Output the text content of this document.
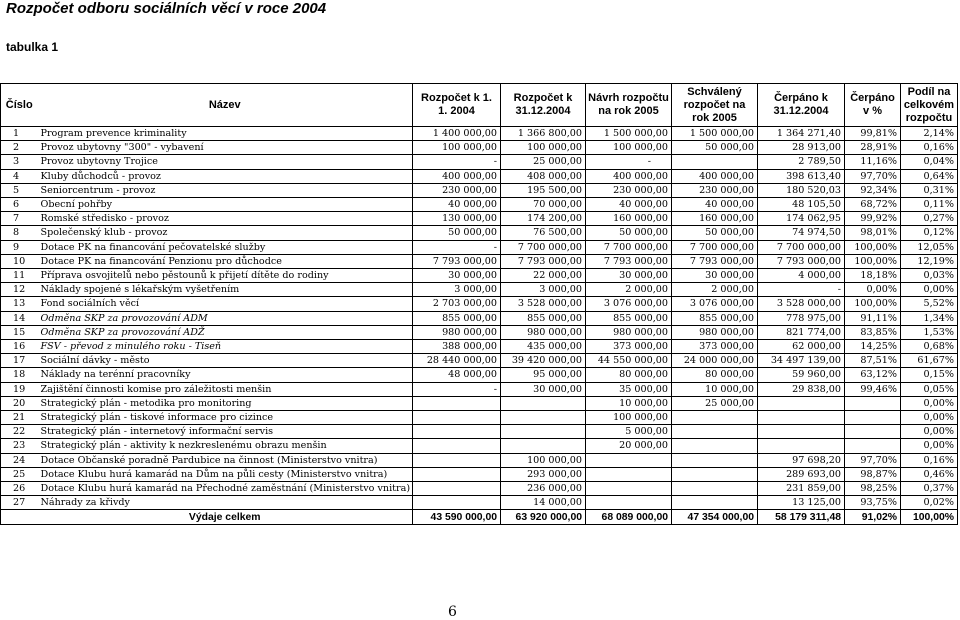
Rozpočet odboru sociálních věcí v roce 2004
tabulka 1
Číslo	Název	Rozpočet k 1. 1. 2004	Rozpočet k 31.12.2004	Návrh rozpočtu na rok 2005	Schválený rozpočet na rok 2005	Čerpáno k 31.12.2004	Čerpáno v %	Podíl na celkovém rozpočtu
1	Program prevence kriminality	1 400 000,00	1 366 800,00	1 500 000,00	1 500 000,00	1 364 271,40	99,81%	2,14%
2	Provoz ubytovny "300" - vybavení	100 000,00	100 000,00	100 000,00	50 000,00	28 913,00	28,91%	0,16%
3	Provoz ubytovny Trojice	-	25 000,00	-		2 789,50	11,16%	0,04%
4	Kluby důchodců - provoz	400 000,00	408 000,00	400 000,00	400 000,00	398 613,40	97,70%	0,64%
5	Seniorcentrum - provoz	230 000,00	195 500,00	230 000,00	230 000,00	180 520,03	92,34%	0,31%
6	Obecní pohřby	40 000,00	70 000,00	40 000,00	40 000,00	48 105,50	68,72%	0,11%
7	Romské středisko - provoz	130 000,00	174 200,00	160 000,00	160 000,00	174 062,95	99,92%	0,27%
8	Společenský klub - provoz	50 000,00	76 500,00	50 000,00	50 000,00	74 974,50	98,01%	0,12%
9	Dotace PK na financování pečovatelské služby	-	7 700 000,00	7 700 000,00	7 700 000,00	7 700 000,00	100,00%	12,05%
10	Dotace PK na financování Penzionu pro důchodce	7 793 000,00	7 793 000,00	7 793 000,00	7 793 000,00	7 793 000,00	100,00%	12,19%
11	Příprava osvojitelů nebo pěstounů k přijetí dítěte do rodiny	30 000,00	22 000,00	30 000,00	30 000,00	4 000,00	18,18%	0,03%
12	Náklady spojené s lékařským vyšetřením	3 000,00	3 000,00	2 000,00	2 000,00	-	0,00%	0,00%
13	Fond sociálních věcí	2 703 000,00	3 528 000,00	3 076 000,00	3 076 000,00	3 528 000,00	100,00%	5,52%
14	Odměna SKP za provozování ADM	855 000,00	855 000,00	855 000,00	855 000,00	778 975,00	91,11%	1,34%
15	Odměna SKP za provozování ADŽ	980 000,00	980 000,00	980 000,00	980 000,00	821 774,00	83,85%	1,53%
16	FSV - převod z minulého roku - Tiseň	388 000,00	435 000,00	373 000,00	373 000,00	62 000,00	14,25%	0,68%
17	Sociální dávky - město	28 440 000,00	39 420 000,00	44 550 000,00	24 000 000,00	34 497 139,00	87,51%	61,67%
18	Náklady na terénní pracovníky	48 000,00	95 000,00	80 000,00	80 000,00	59 960,00	63,12%	0,15%
19	Zajištění činnosti komise pro záležitosti menšin	-	30 000,00	35 000,00	10 000,00	29 838,00	99,46%	0,05%
20	Strategický plán - metodika pro monitoring			10 000,00	25 000,00			0,00%
21	Strategický plán - tiskové informace pro cizince			100 000,00				0,00%
22	Strategický plán - internetový informační servis			5 000,00				0,00%
23	Strategický plán - aktivity k nezkreslenému obrazu menšin			20 000,00				0,00%
24	Dotace Občanské poradně Pardubice na činnost (Ministerstvo vnitra)		100 000,00			97 698,20	97,70%	0,16%
25	Dotace Klubu hurá kamarád na Dům na půli cesty (Ministerstvo vnitra)		293 000,00			289 693,00	98,87%	0,46%
26	Dotace Klubu hurá kamarád na Přechodné zaměstnání (Ministerstvo vnitra)		236 000,00			231 859,00	98,25%	0,37%
27	Náhrady za křivdy		14 000,00			13 125,00	93,75%	0,02%
	Výdaje celkem	43 590 000,00	63 920 000,00	68 089 000,00	47 354 000,00	58 179 311,48	91,02%	100,00%
6
